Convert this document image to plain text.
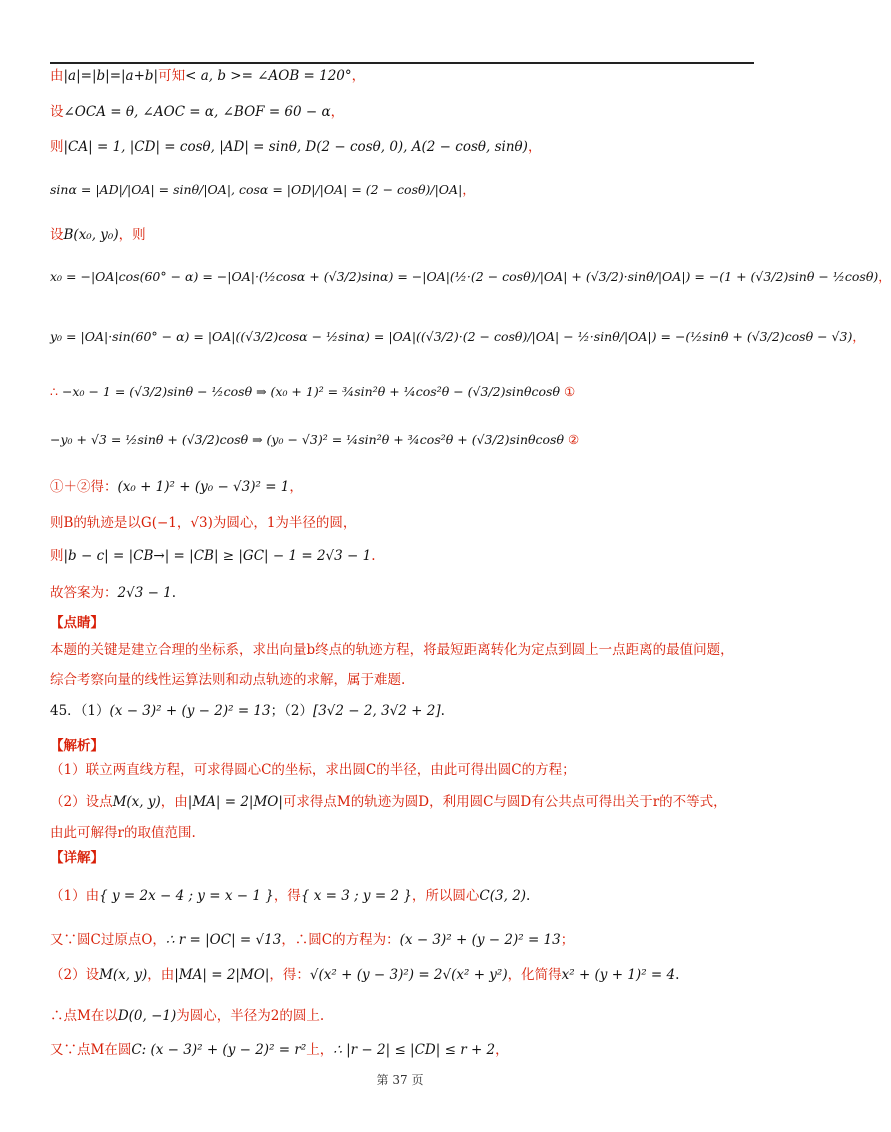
由|a|=|b|=|a+b|可知< a, b >= ∠AOB = 120°，
设∠OCA = θ, ∠AOC = α, ∠BOF = 60 − α，
则|CA| = 1, |CD| = cosθ, |AD| = sinθ, D(2 − cosθ, 0), A(2 − cosθ, sinθ)，
sinα = |AD|/|OA| = sinθ/|OA|, cosα = |OD|/|OA| = (2 − cosθ)/|OA|，
设B(x₀, y₀)，则
x₀ = −|OA|cos(60° − α) = −|OA|·(½cosα + (√3/2)sinα) = −|OA|(½·(2 − cosθ)/|OA| + (√3/2)·sinθ/|OA|) = −(1 + (√3/2)sinθ − ½cosθ)，
y₀ = |OA|·sin(60° − α) = |OA|((√3/2)cosα − ½sinα) = |OA|((√3/2)·(2 − cosθ)/|OA| − ½·sinθ/|OA|) = −(½sinθ + (√3/2)cosθ − √3)，
∴ −x₀ − 1 = (√3/2)sinθ − ½cosθ ⇒ (x₀ + 1)² = ¾sin²θ + ¼cos²θ − (√3/2)sinθcosθ ①
−y₀ + √3 = ½sinθ + (√3/2)cosθ ⇒ (y₀ − √3)² = ¼sin²θ + ¾cos²θ + (√3/2)sinθcosθ ②
①＋②得：(x₀ + 1)² + (y₀ − √3)² = 1，
则B的轨迹是以G(−1，√3)为圆心，1为半径的圆，
则|b − c| = |CB→| = |CB| ≥ |GC| − 1 = 2√3 − 1.
故答案为：2√3 − 1.
【点睛】
本题的关键是建立合理的坐标系，求出向量b终点的轨迹方程，将最短距离转化为定点到圆上一点距离的最值问题，
综合考察向量的线性运算法则和动点轨迹的求解，属于难题.
45．（1）(x − 3)² + (y − 2)² = 13；（2）[3√2 − 2, 3√2 + 2].
【解析】
（1）联立两直线方程，可求得圆心C的坐标，求出圆C的半径，由此可得出圆C的方程；
（2）设点M(x, y)，由|MA| = 2|MO|可求得点M的轨迹为圆D，利用圆C与圆D有公共点可得出关于r的不等式，
由此可解得r的取值范围.
【详解】
（1）由{ y = 2x − 4 ; y = x − 1 }，得{ x = 3 ; y = 2 }，所以圆心C(3, 2).
又∵圆C过原点O，∴ r = |OC| = √13，∴圆C的方程为：(x − 3)² + (y − 2)² = 13；
（2）设M(x, y)，由|MA| = 2|MO|，得：√(x² + (y − 3)²) = 2√(x² + y²)，化简得x² + (y + 1)² = 4.
∴点M在以D(0, −1)为圆心，半径为2的圆上.
又∵点M在圆C: (x − 3)² + (y − 2)² = r²上，∴ |r − 2| ≤ |CD| ≤ r + 2，
第 37 页
